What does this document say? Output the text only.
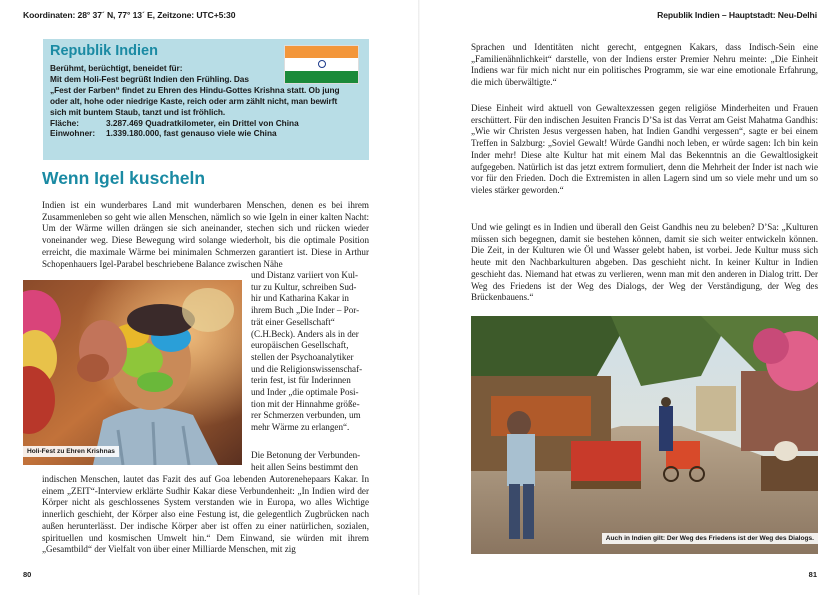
Koordinaten: 28° 37´ N, 77° 13´ E, Zeitzone: UTC+5:30
Republik Indien
Berühmt, berüchtigt, beneidet für:
Mit dem Holi-Fest begrüßt Indien den Frühling. Das
„Fest der Farben“ findet zu Ehren des Hindu-Gottes Krishna statt. Ob jung
oder alt, hohe oder niedrige Kaste, reich oder arm zählt nicht, man bewirft
sich mit buntem Staub, tanzt und ist fröhlich.
Fläche:	3.287.469 Quadratkilometer, ein Drittel von China
Einwohner:	1.339.180.000, fast genauso viele wie China
Wenn Igel kuscheln

Indien ist ein wunderbares Land mit wunderbaren Menschen, denen es bei ihrem Zusammenleben so geht wie allen Menschen, nämlich so wie Igeln in einer kalten Nacht: Um der Wärme willen drängen sie sich aneinander, stechen sich und rücken wieder voneinander weg. Diese Bewegung wird solange wiederholt, bis die optimale Position erreicht, die maximale Wärme bei minimalen Schmerzen garantiert ist. Diese in Arthur Schopenhauers Igel-Parabel beschriebene Balance zwischen Nähe

Holi-Fest zu Ehren Krishnas
und Distanz variiert von Kul-
tur zu Kultur, schreiben Sud-
hir und Katharina Kakar in
ihrem Buch „Die Inder – Por-
trät einer Gesellschaft“
(C.H.Beck). Anders als in der
europäischen Gesellschaft,
stellen der Psychoanalytiker
und die Religionswissenschaf-
terin fest, ist für Inderinnen
und Inder „die optimale Posi-
tion mit der Hinnahme größe-
rer Schmerzen verbunden, um
mehr Wärme zu erlangen“.
Die Betonung der Verbunden-
heit allen Seins bestimmt den

indischen Menschen, lautet das Fazit des auf Goa lebenden Autorenehepaars Kakar. In einem „ZEIT“-Interview erklärte Sudhir Kakar diese Verbundenheit: „In Indien wird der Körper nicht als geschlossenes System verstanden wie in Europa, wo alles Wichtige innerlich geschieht, der Körper also eine Festung ist, die gelegentlich Zugbrücken nach außen herunterlässt. Der indische Körper aber ist offen zu einer natürlichen, sozialen, spirituellen und kosmischen Umwelt hin.“ Dem Einwand, sie würden mit ihrem „Gesamtbild“ der Vielfalt von über einer Milliarde Menschen, mit zig

80
Republik Indien – Hauptstadt: Neu-Delhi

Sprachen und Identitäten nicht gerecht, entgegnen Kakars, dass Indisch-Sein eine „Familienähnlichkeit“ darstelle, von der Indiens erster Premier Nehru meinte: „Die Einheit Indiens war für mich nicht nur ein politisches Programm, sie war eine emotionale Erfahrung, die mich überwältigte.“

Diese Einheit wird aktuell von Gewaltexzessen gegen religiöse Minderheiten und Frauen erschüttert. Für den indischen Jesuiten Francis D’Sa ist das Verrat am Geist Mahatma Gandhis: „Wie wir Christen Jesus vergessen haben, hat Indien Gandhi vergessen“, sagte er bei einem Treffen in Salzburg: „Soviel Gewalt! Würde Gandhi noch leben, er würde sagen: Ich bin kein Inder mehr! Diese alte Kultur hat mit einem Mal das Bekenntnis an die Gewaltlosigkeit aufgegeben. Natürlich ist das jetzt extrem formuliert, denn die Mehrheit der Inder ist nach wie vor für den Frieden. Doch die Extremisten in allen Lagern sind um so viele mehr und um so vieles stärker geworden.“

Und wie gelingt es in Indien und überall den Geist Gandhis neu zu beleben? D’Sa: „Kulturen müssen sich begegnen, damit sie bestehen können, damit sie sich weiter entwickeln können. Die Zeit, in der Kulturen wie Öl und Wasser gelebt haben, ist vorbei. Jede Kultur muss sich heute mit den Nachbarkulturen abgeben. Das geschieht nicht. In keiner Kultur in Indien geschieht das. Niemand hat etwas zu verlieren, wenn man mit den anderen in Dialog tritt. Der Weg des Friedens ist der Weg des Dialogs, der Weg der Verständigung, der Weg des Brückenbauens.“

Auch in Indien gilt: Der Weg des Friedens ist der Weg des Dialogs.
81
